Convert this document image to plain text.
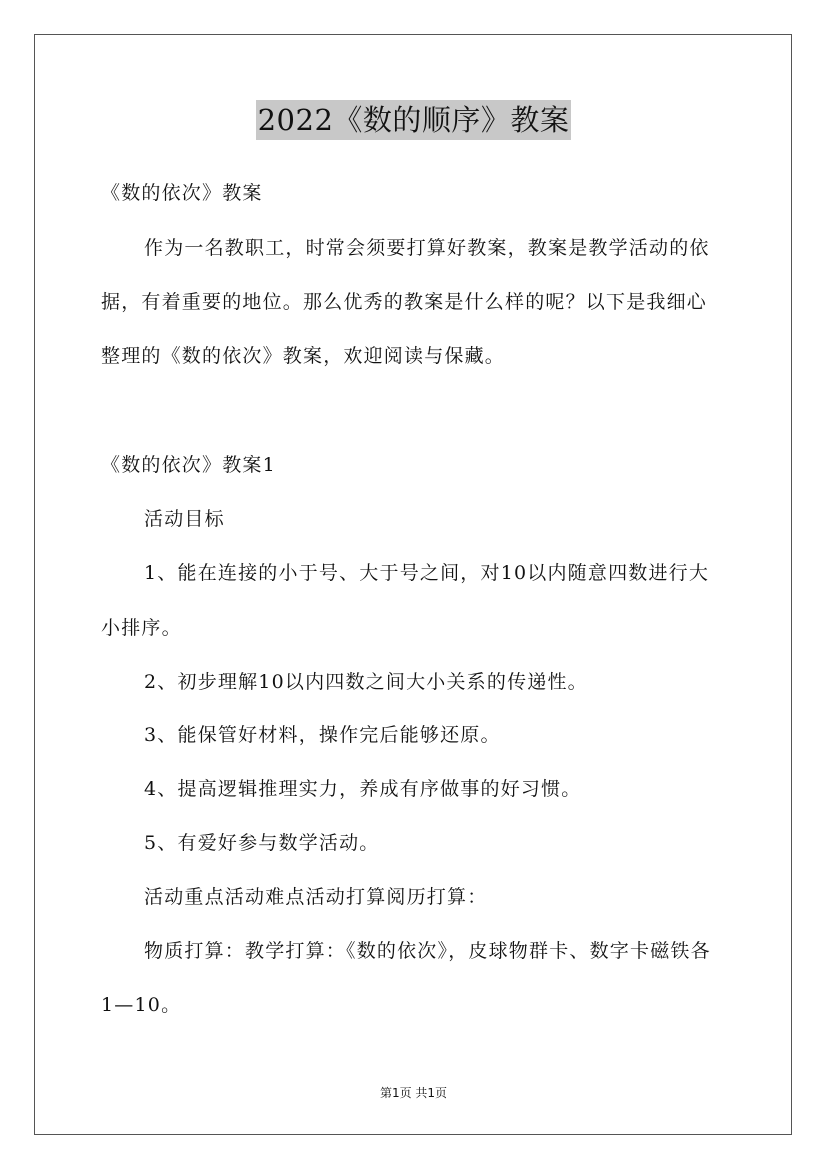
2022《数的顺序》教案
《数的依次》教案
作为一名教职工，时常会须要打算好教案，教案是教学活动的依
据，有着重要的地位。那么优秀的教案是什么样的呢？以下是我细心
整理的《数的依次》教案，欢迎阅读与保藏。
《数的依次》教案1
活动目标
1、能在连接的小于号、大于号之间，对10以内随意四数进行大
小排序。
2、初步理解10以内四数之间大小关系的传递性。
3、能保管好材料，操作完后能够还原。
4、提高逻辑推理实力，养成有序做事的好习惯。
5、有爱好参与数学活动。
活动重点活动难点活动打算阅历打算：
物质打算：教学打算：《数的依次》，皮球物群卡、数字卡磁铁各
1—10。
第1页 共1页
